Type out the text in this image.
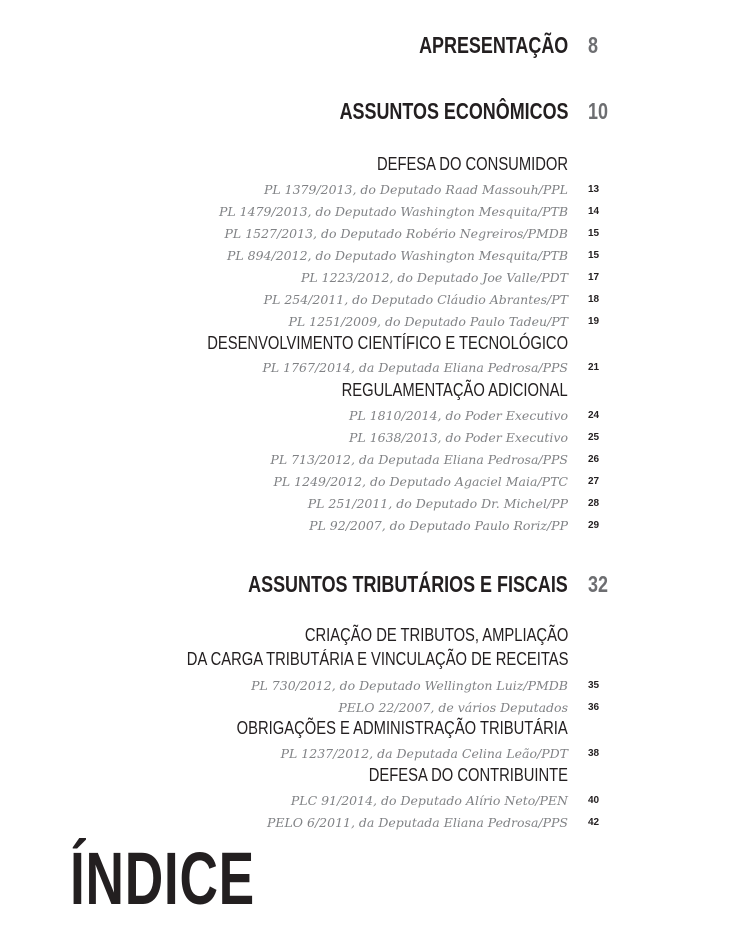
APRESENTAÇÃO 8
ASSUNTOS ECONÔMICOS 10
DEFESA DO CONSUMIDOR
PL 1379/2013, do Deputado Raad Massouh/PPL 13
PL 1479/2013, do Deputado Washington Mesquita/PTB 14
PL 1527/2013, do Deputado Robério Negreiros/PMDB 15
PL 894/2012, do Deputado Washington Mesquita/PTB 15
PL 1223/2012, do Deputado Joe Valle/PDT 17
PL 254/2011, do Deputado Cláudio Abrantes/PT 18
PL 1251/2009, do Deputado Paulo Tadeu/PT 19
DESENVOLVIMENTO CIENTÍFICO E TECNOLÓGICO
PL 1767/2014, da Deputada Eliana Pedrosa/PPS 21
REGULAMENTAÇÃO ADICIONAL
PL 1810/2014, do Poder Executivo 24
PL 1638/2013, do Poder Executivo 25
PL 713/2012, da Deputada Eliana Pedrosa/PPS 26
PL 1249/2012, do Deputado Agaciel Maia/PTC 27
PL 251/2011, do Deputado Dr. Michel/PP 28
PL 92/2007, do Deputado Paulo Roriz/PP 29
ASSUNTOS TRIBUTÁRIOS E FISCAIS 32
CRIAÇÃO DE TRIBUTOS, AMPLIAÇÃO
DA CARGA TRIBUTÁRIA E VINCULAÇÃO DE RECEITAS
PL 730/2012, do Deputado Wellington Luiz/PMDB 35
PELO 22/2007, de vários Deputados 36
OBRIGAÇÕES E ADMINISTRAÇÃO TRIBUTÁRIA
PL 1237/2012, da Deputada Celina Leão/PDT 38
DEFESA DO CONTRIBUINTE
PLC 91/2014, do Deputado Alírio Neto/PEN 40
PELO 6/2011, da Deputada Eliana Pedrosa/PPS 42
ÍNDICE
